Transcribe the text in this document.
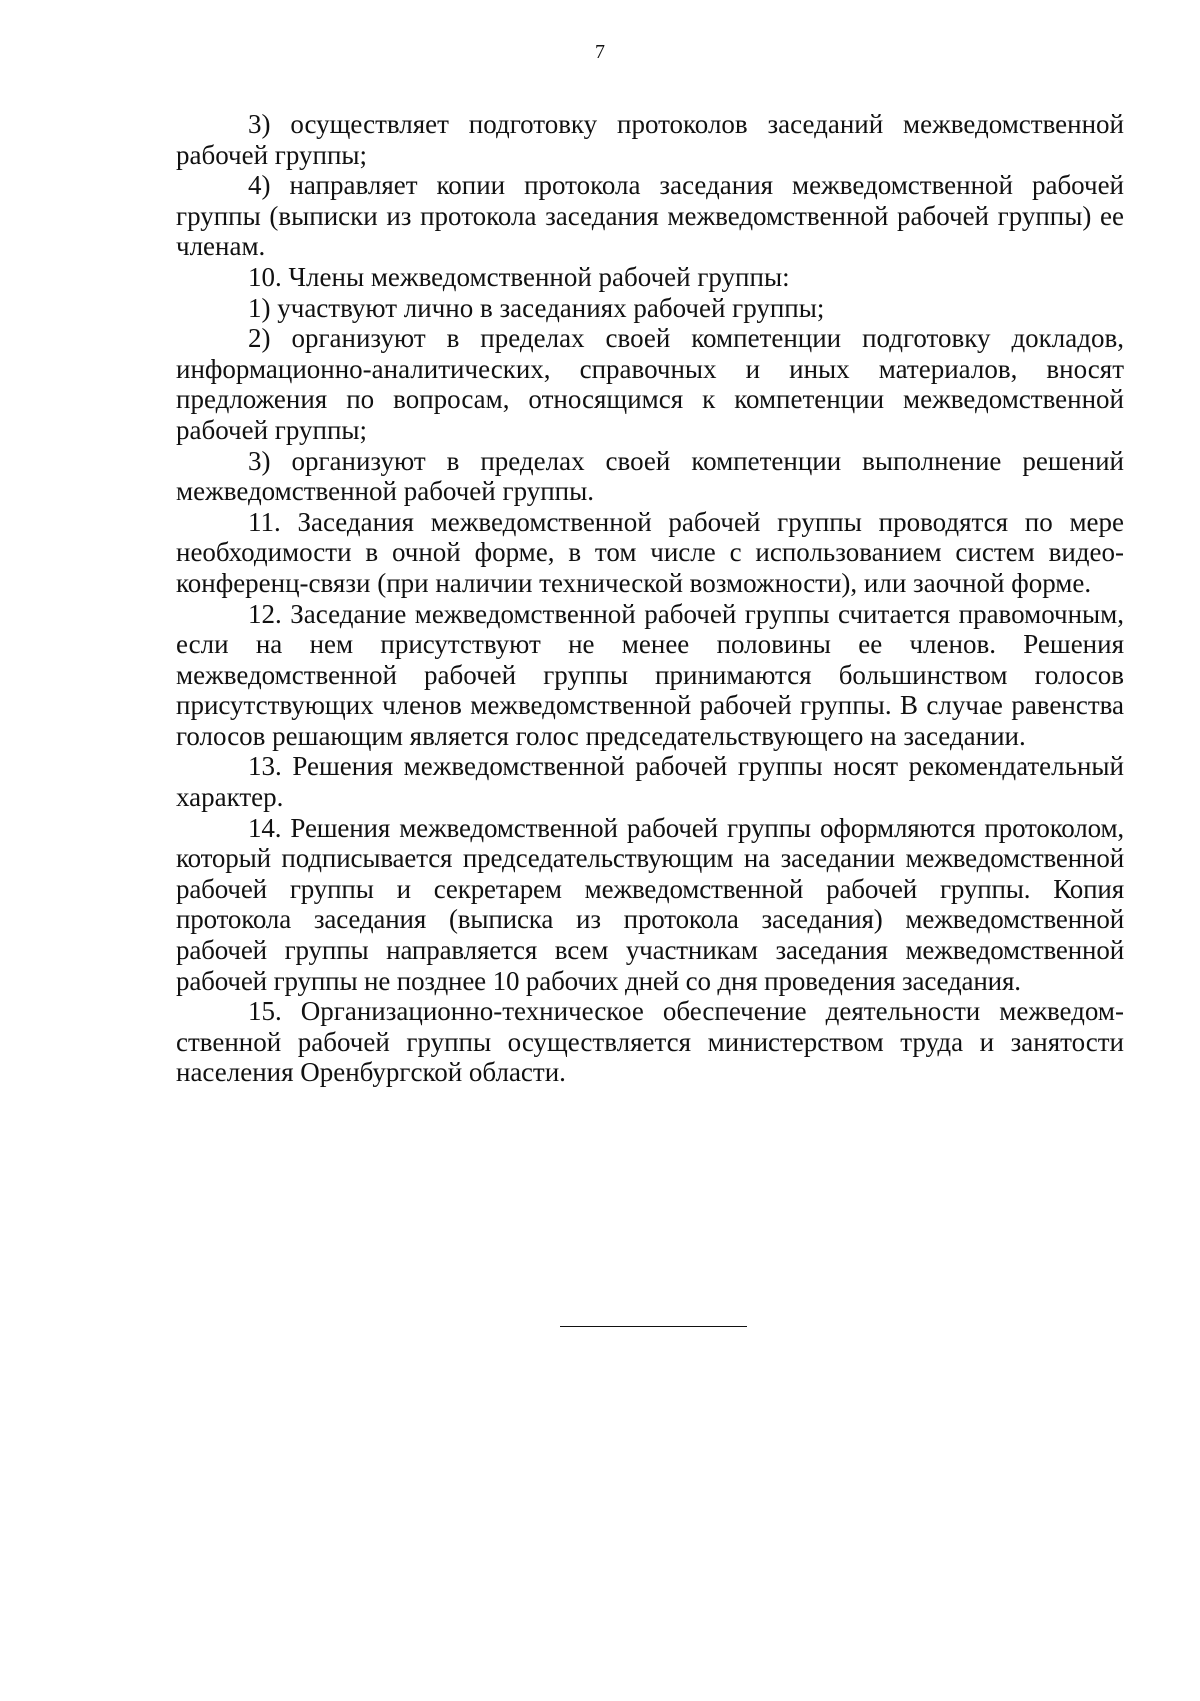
7

3) осуществляет подготовку протоколов заседаний межведомственной рабочей группы;

4) направляет копии протокола заседания межведомственной рабочей группы (выписки из протокола заседания межведомственной рабочей группы) ее членам.

10. Члены межведомственной рабочей группы:

1) участвуют лично в заседаниях рабочей группы;

2) организуют в пределах своей компетенции подготовку докладов, информационно-аналитических, справочных и иных материалов, вносят предложения по вопросам, относящимся к компетенции межведомственной рабочей группы;

3) организуют в пределах своей компетенции выполнение решений межведомственной рабочей группы.

11. Заседания межведомственной рабочей группы проводятся по мере необходимости в очной форме, в том числе с использованием систем видеоконференц-связи (при наличии технической возможности), или заочной форме.

12. Заседание межведомственной рабочей группы считается правомочным, если на нем присутствуют не менее половины ее членов. Решения межведомственной рабочей группы принимаются большинством голосов присутствующих членов межведомственной рабочей группы. В случае равенства голосов решающим является голос председательствующего на заседании.

13. Решения межведомственной рабочей группы носят рекомендательный характер.

14. Решения межведомственной рабочей группы оформляются протоколом, который подписывается председательствующим на заседании межведомственной рабочей группы и секретарем межведомственной рабочей группы. Копия протокола заседания (выписка из протокола заседания) межведомственной рабочей группы направляется всем участникам заседания межведомственной рабочей группы не позднее 10 рабочих дней со дня проведения заседания.

15. Организационно-техническое обеспечение деятельности межведомственной рабочей группы осуществляется министерством труда и занятости населения Оренбургской области.
